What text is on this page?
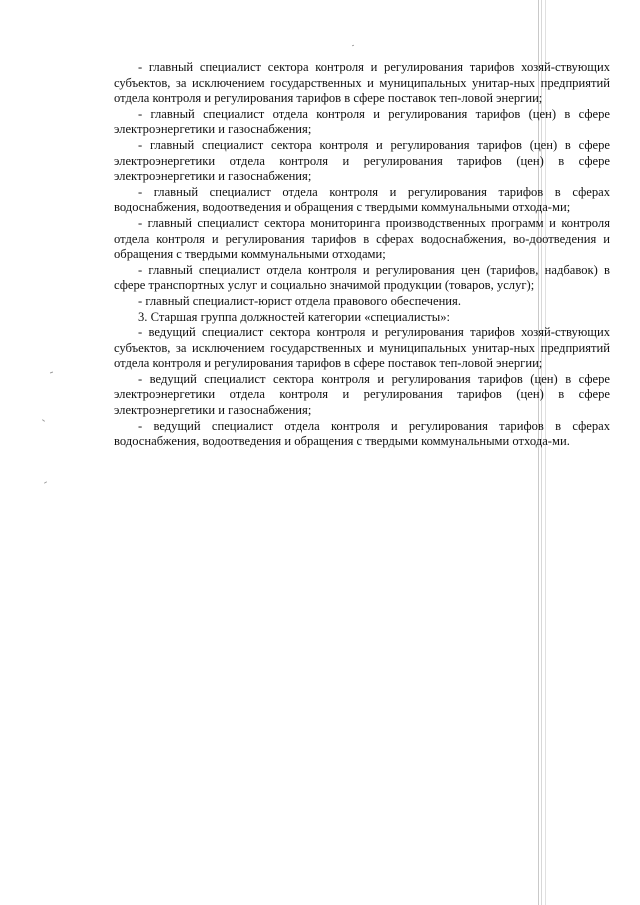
- главный специалист сектора контроля и регулирования тарифов хозяй-ствующих субъектов, за исключением государственных и муниципальных унитар-ных предприятий отдела контроля и регулирования тарифов в сфере поставок теп-ловой энергии;

- главный специалист отдела контроля и регулирования тарифов (цен) в сфере электроэнергетики и газоснабжения;

- главный специалист сектора контроля и регулирования тарифов (цен) в сфере электроэнергетики отдела контроля и регулирования тарифов (цен) в сфере электроэнергетики и газоснабжения;

- главный специалист отдела контроля и регулирования тарифов в сферах водоснабжения, водоотведения и обращения с твердыми коммунальными отхода-ми;

- главный специалист сектора мониторинга производственных программ и контроля отдела контроля и регулирования тарифов в сферах водоснабжения, во-доотведения и обращения с твердыми коммунальными отходами;

- главный специалист отдела контроля и регулирования цен (тарифов, надбавок) в сфере транспортных услуг и социально значимой продукции (товаров, услуг);

- главный специалист-юрист отдела правового обеспечения.

3. Старшая группа должностей категории «специалисты»:

- ведущий специалист сектора контроля и регулирования тарифов хозяй-ствующих субъектов, за исключением государственных и муниципальных унитар-ных предприятий отдела контроля и регулирования тарифов в сфере поставок теп-ловой энергии;

- ведущий специалист сектора контроля и регулирования тарифов (цен) в сфере электроэнергетики отдела контроля и регулирования тарифов (цен) в сфере электроэнергетики и газоснабжения;

- ведущий специалист отдела контроля и регулирования тарифов в сферах водоснабжения, водоотведения и обращения с твердыми коммунальными отхода-ми.
